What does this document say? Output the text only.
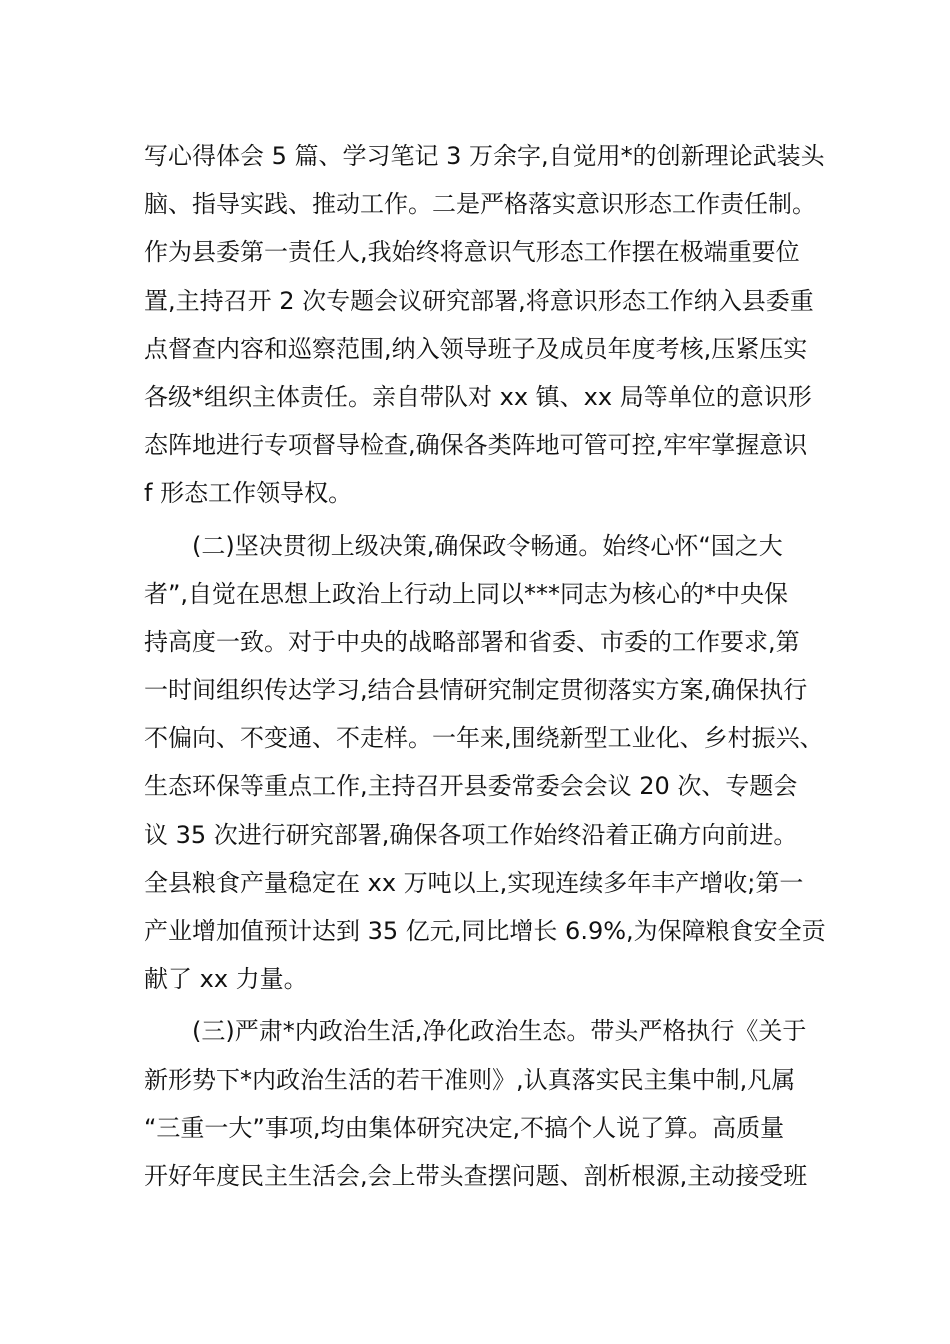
写心得体会 5 篇、学习笔记 3 万余字,自觉用*的创新理论武装头
脑、指导实践、推动工作。二是严格落实意识形态工作责任制。
作为县委第一责任人,我始终将意识气形态工作摆在极端重要位
置,主持召开 2 次专题会议研究部署,将意识形态工作纳入县委重
点督查内容和巡察范围,纳入领导班子及成员年度考核,压紧压实
各级*组织主体责任。亲自带队对 xx 镇、xx 局等单位的意识形
态阵地进行专项督导检查,确保各类阵地可管可控,牢牢掌握意识
f 形态工作领导权。
(二)坚决贯彻上级决策,确保政令畅通。始终心怀“国之大
者”,自觉在思想上政治上行动上同以***同志为核心的*中央保
持高度一致。对于中央的战略部署和省委、市委的工作要求,第
一时间组织传达学习,结合县情研究制定贯彻落实方案,确保执行
不偏向、不变通、不走样。一年来,围绕新型工业化、乡村振兴、
生态环保等重点工作,主持召开县委常委会会议 20 次、专题会
议 35 次进行研究部署,确保各项工作始终沿着正确方向前进。
全县粮食产量稳定在 xx 万吨以上,实现连续多年丰产增收;第一
产业增加值预计达到 35 亿元,同比增长 6.9%,为保障粮食安全贡
献了 xx 力量。
(三)严肃*内政治生活,净化政治生态。带头严格执行《关于
新形势下*内政治生活的若干准则》,认真落实民主集中制,凡属
“三重一大”事项,均由集体研究决定,不搞个人说了算。高质量
开好年度民主生活会,会上带头查摆问题、剖析根源,主动接受班
